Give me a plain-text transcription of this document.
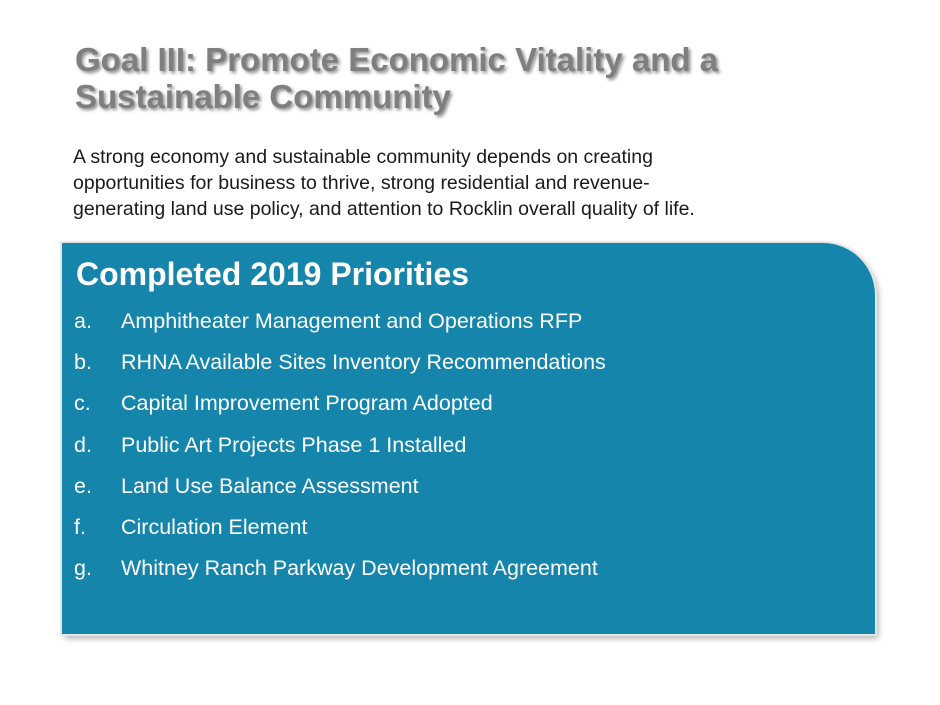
Goal III: Promote Economic Vitality and a
Sustainable Community

A strong economy and sustainable community depends on creating
opportunities for business to thrive, strong residential and revenue-
generating land use policy, and attention to Rocklin overall quality of life.

Completed 2019 Priorities
a. Amphitheater Management and Operations RFP
b. RHNA Available Sites Inventory Recommendations
c. Capital Improvement Program Adopted
d. Public Art Projects Phase 1 Installed
e. Land Use Balance Assessment
f. Circulation Element
g. Whitney Ranch Parkway Development Agreement
